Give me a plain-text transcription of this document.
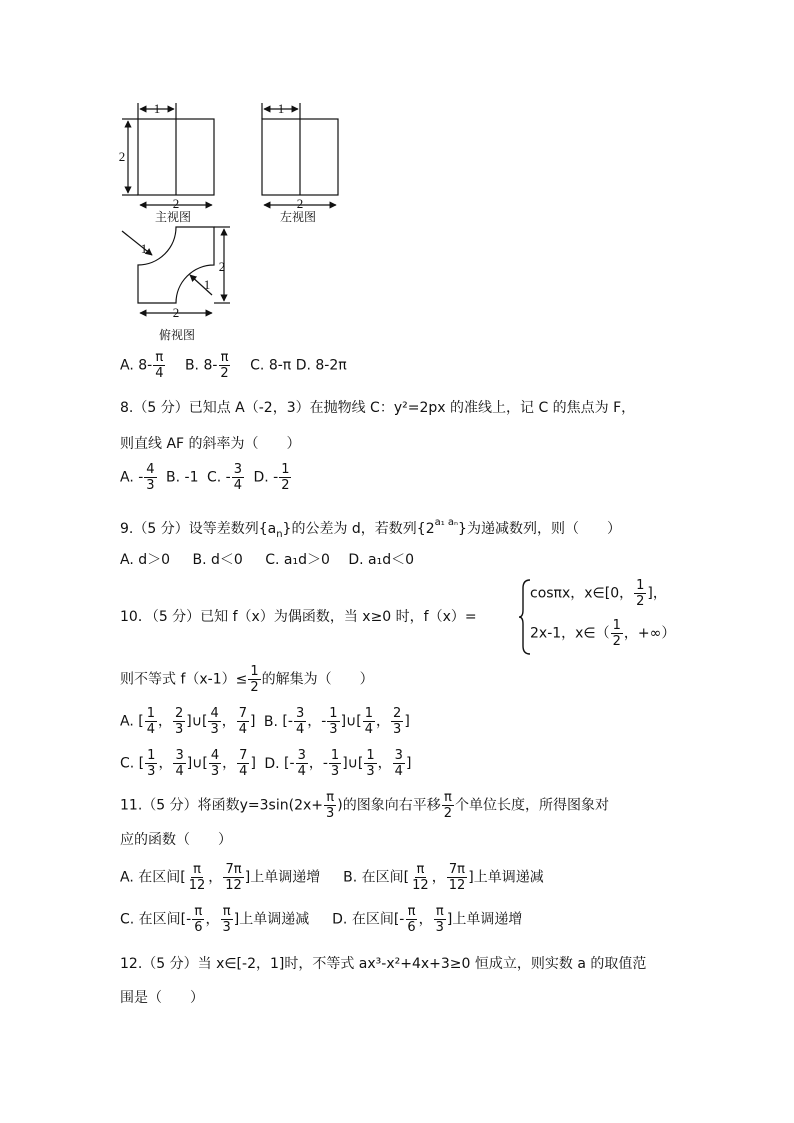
1
2
2
1
2
2
2
1
1
主视图	左视图
俯视图
A. $8- \frac{\pi}{4} B$. $8- \frac{\pi}{2} C$. 8-π D. 8-2π
8.（5 分）已知点 A（-2，3）在抛物线 C：y²=2px 的准线上，记 C 的焦点为 F，
则直线 AF 的斜率为（　　）
A. - $\frac{4}{3} B$. -1 C. - $\frac{3}{4} D$. - $\frac{1}{2}$
9.（5 分）设等差数列$\{a_n\}$的公差为 d，若数列$\{2^{a_1 a_n}\}$为递减数列，则（　　）
A. d＞0 B. d＜0 C. a₁d＞0 D. a₁d＜0
10．（5 分）已知 f（x）为偶函数，当 x≥0 时，f（x）=
cosπx，x∈[0， $\frac{1}{2}$ ]，
2x-1，x∈（ $\frac{1}{2}$ ，+∞）
则不等式 $f(x-1)\le \frac{1}{2}$ 的解集为（　　）
A. [ $\frac{1}{4}$ ， $\frac{2}{3}$ ]∪[ $\frac{4}{3}$ ， $\frac{7}{4}$ ] B. [- $\frac{3}{4}$ ，- $\frac{1}{3}$ ]∪[ $\frac{1}{4}$ ， $\frac{2}{3}$ ]
C. [ $\frac{1}{3}$ ， $\frac{3}{4}$ ]∪[ $\frac{4}{3}$ ， $\frac{7}{4}$ ] D. [- $\frac{3}{4}$ ，- $\frac{1}{3}$ ]∪[ $\frac{1}{3}$ ， $\frac{3}{4}$ ]
11.（5 分）将函数$y=3\sin(2x+ \frac{\pi}{3}$ )的图象向右平移 $\frac{\pi}{2}$ 个单位长度，所得图象对
应的函数（　　）
A. 在区间[ $\frac{\pi}{12}$ ， $\frac{7\pi}{12}$ ]上单调递增 B. 在区间[ $\frac{\pi}{12}$ ， $\frac{7\pi}{12}$ ]上单调递减
C. 在区间[- $\frac{\pi}{6}$ ， $\frac{\pi}{3}$ ]上单调递减 D. 在区间[- $\frac{\pi}{6}$ ， $\frac{\pi}{3}$ ]上单调递增
12.（5 分）当 x∈[-2，1]时，不等式 ax³-x²+4x+3≥0 恒成立，则实数 a 的取值范
围是（　　）
